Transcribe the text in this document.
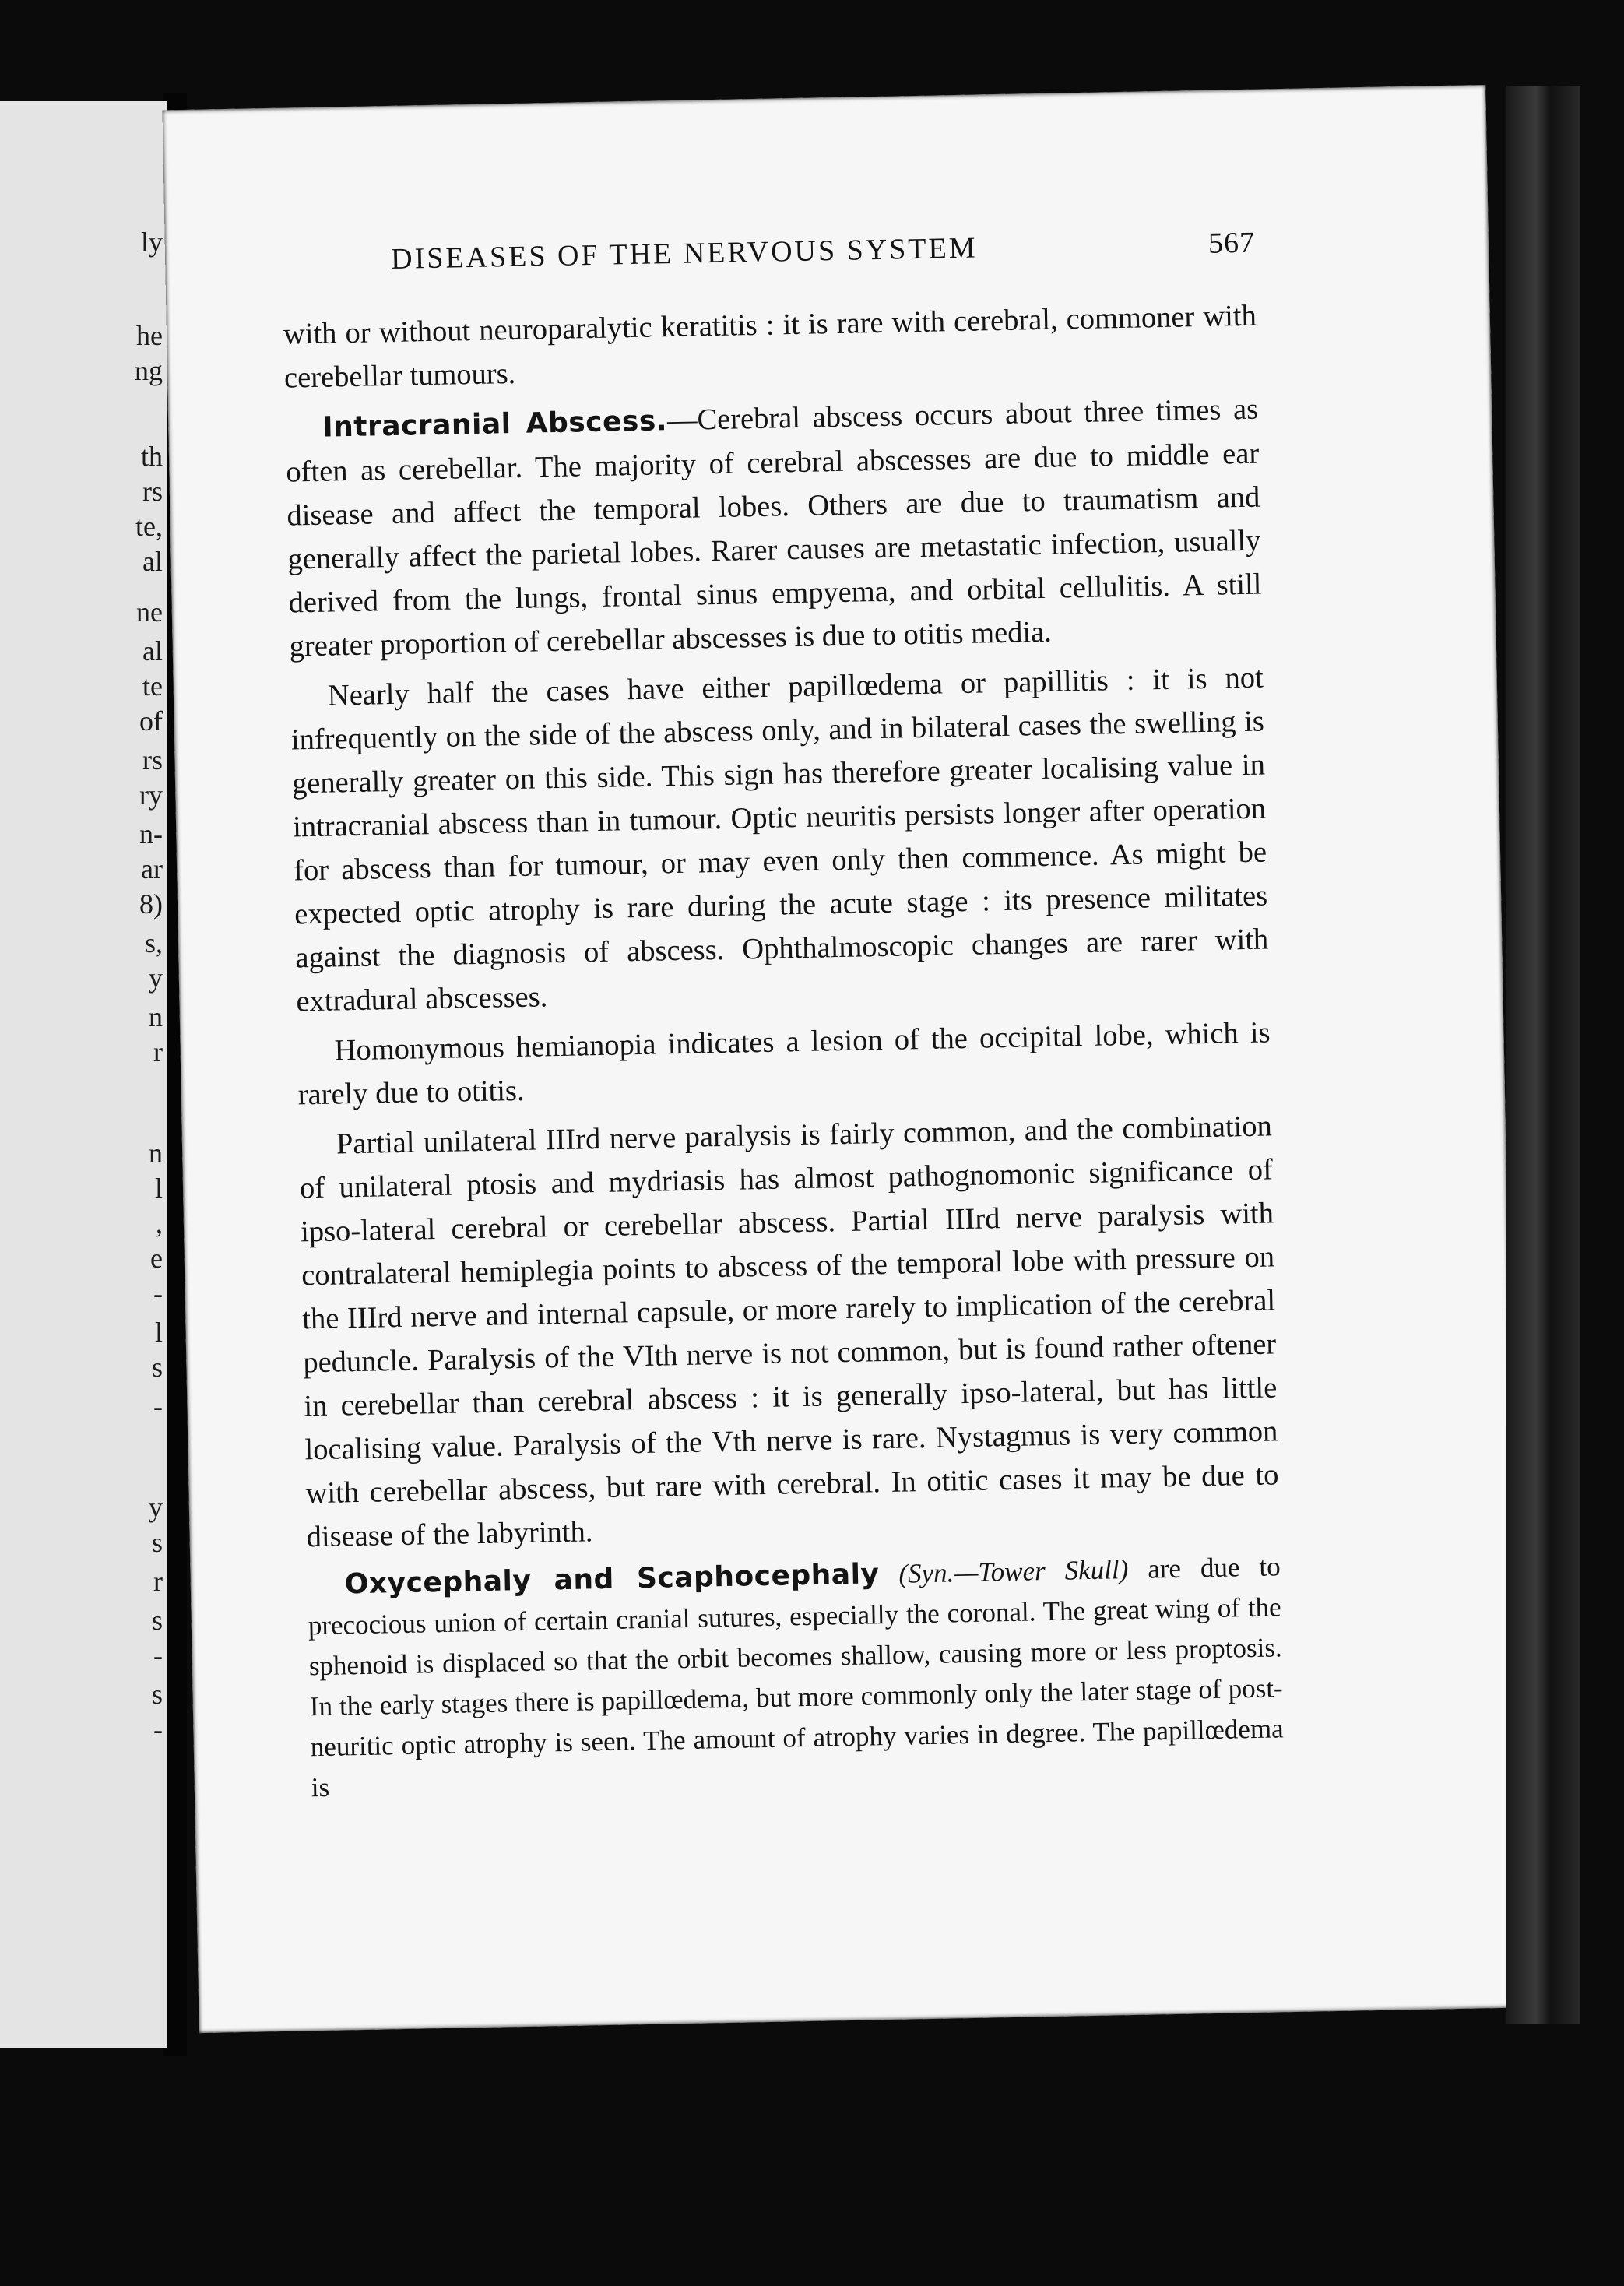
ly
he
ng
th
rs
te,
al
ne
al
te
of
rs
ry
n-
ar
8)
s,
y
n
r
n
l
,
e
-
l
s
-
y
s
r
s
-
s
-
DISEASES OF THE NERVOUS SYSTEM	567

with or without neuroparalytic keratitis : it is rare with cerebral, commoner with cerebellar tumours.

Intracranial Abscess.—Cerebral abscess occurs about three times as often as cerebellar. The majority of cerebral abscesses are due to middle ear disease and affect the temporal lobes. Others are due to traumatism and generally affect the parietal lobes. Rarer causes are metastatic infection, usually derived from the lungs, frontal sinus empyema, and orbital cellulitis. A still greater proportion of cerebellar abscesses is due to otitis media.

Nearly half the cases have either papillœdema or papillitis : it is not infrequently on the side of the abscess only, and in bilateral cases the swelling is generally greater on this side. This sign has therefore greater localising value in intracranial abscess than in tumour. Optic neuritis persists longer after operation for abscess than for tumour, or may even only then commence. As might be expected optic atrophy is rare during the acute stage : its presence militates against the diagnosis of abscess. Ophthalmoscopic changes are rarer with extradural abscesses.

Homonymous hemianopia indicates a lesion of the occipital lobe, which is rarely due to otitis.

Partial unilateral IIIrd nerve paralysis is fairly common, and the combination of unilateral ptosis and mydriasis has almost pathognomonic significance of ipso-lateral cerebral or cerebellar abscess. Partial IIIrd nerve paralysis with contralateral hemiplegia points to abscess of the temporal lobe with pressure on the IIIrd nerve and internal capsule, or more rarely to implication of the cerebral peduncle. Paralysis of the VIth nerve is not common, but is found rather oftener in cerebellar than cerebral abscess : it is generally ipso-lateral, but has little localising value. Paralysis of the Vth nerve is rare. Nystagmus is very common with cerebellar abscess, but rare with cerebral. In otitic cases it may be due to disease of the labyrinth.

Oxycephaly and Scaphocephaly (Syn.—Tower Skull) are due to precocious union of certain cranial sutures, especially the coronal. The great wing of the sphenoid is displaced so that the orbit becomes shallow, causing more or less proptosis. In the early stages there is papillœdema, but more commonly only the later stage of post-neuritic optic atrophy is seen. The amount of atrophy varies in degree. The papillœdema is
